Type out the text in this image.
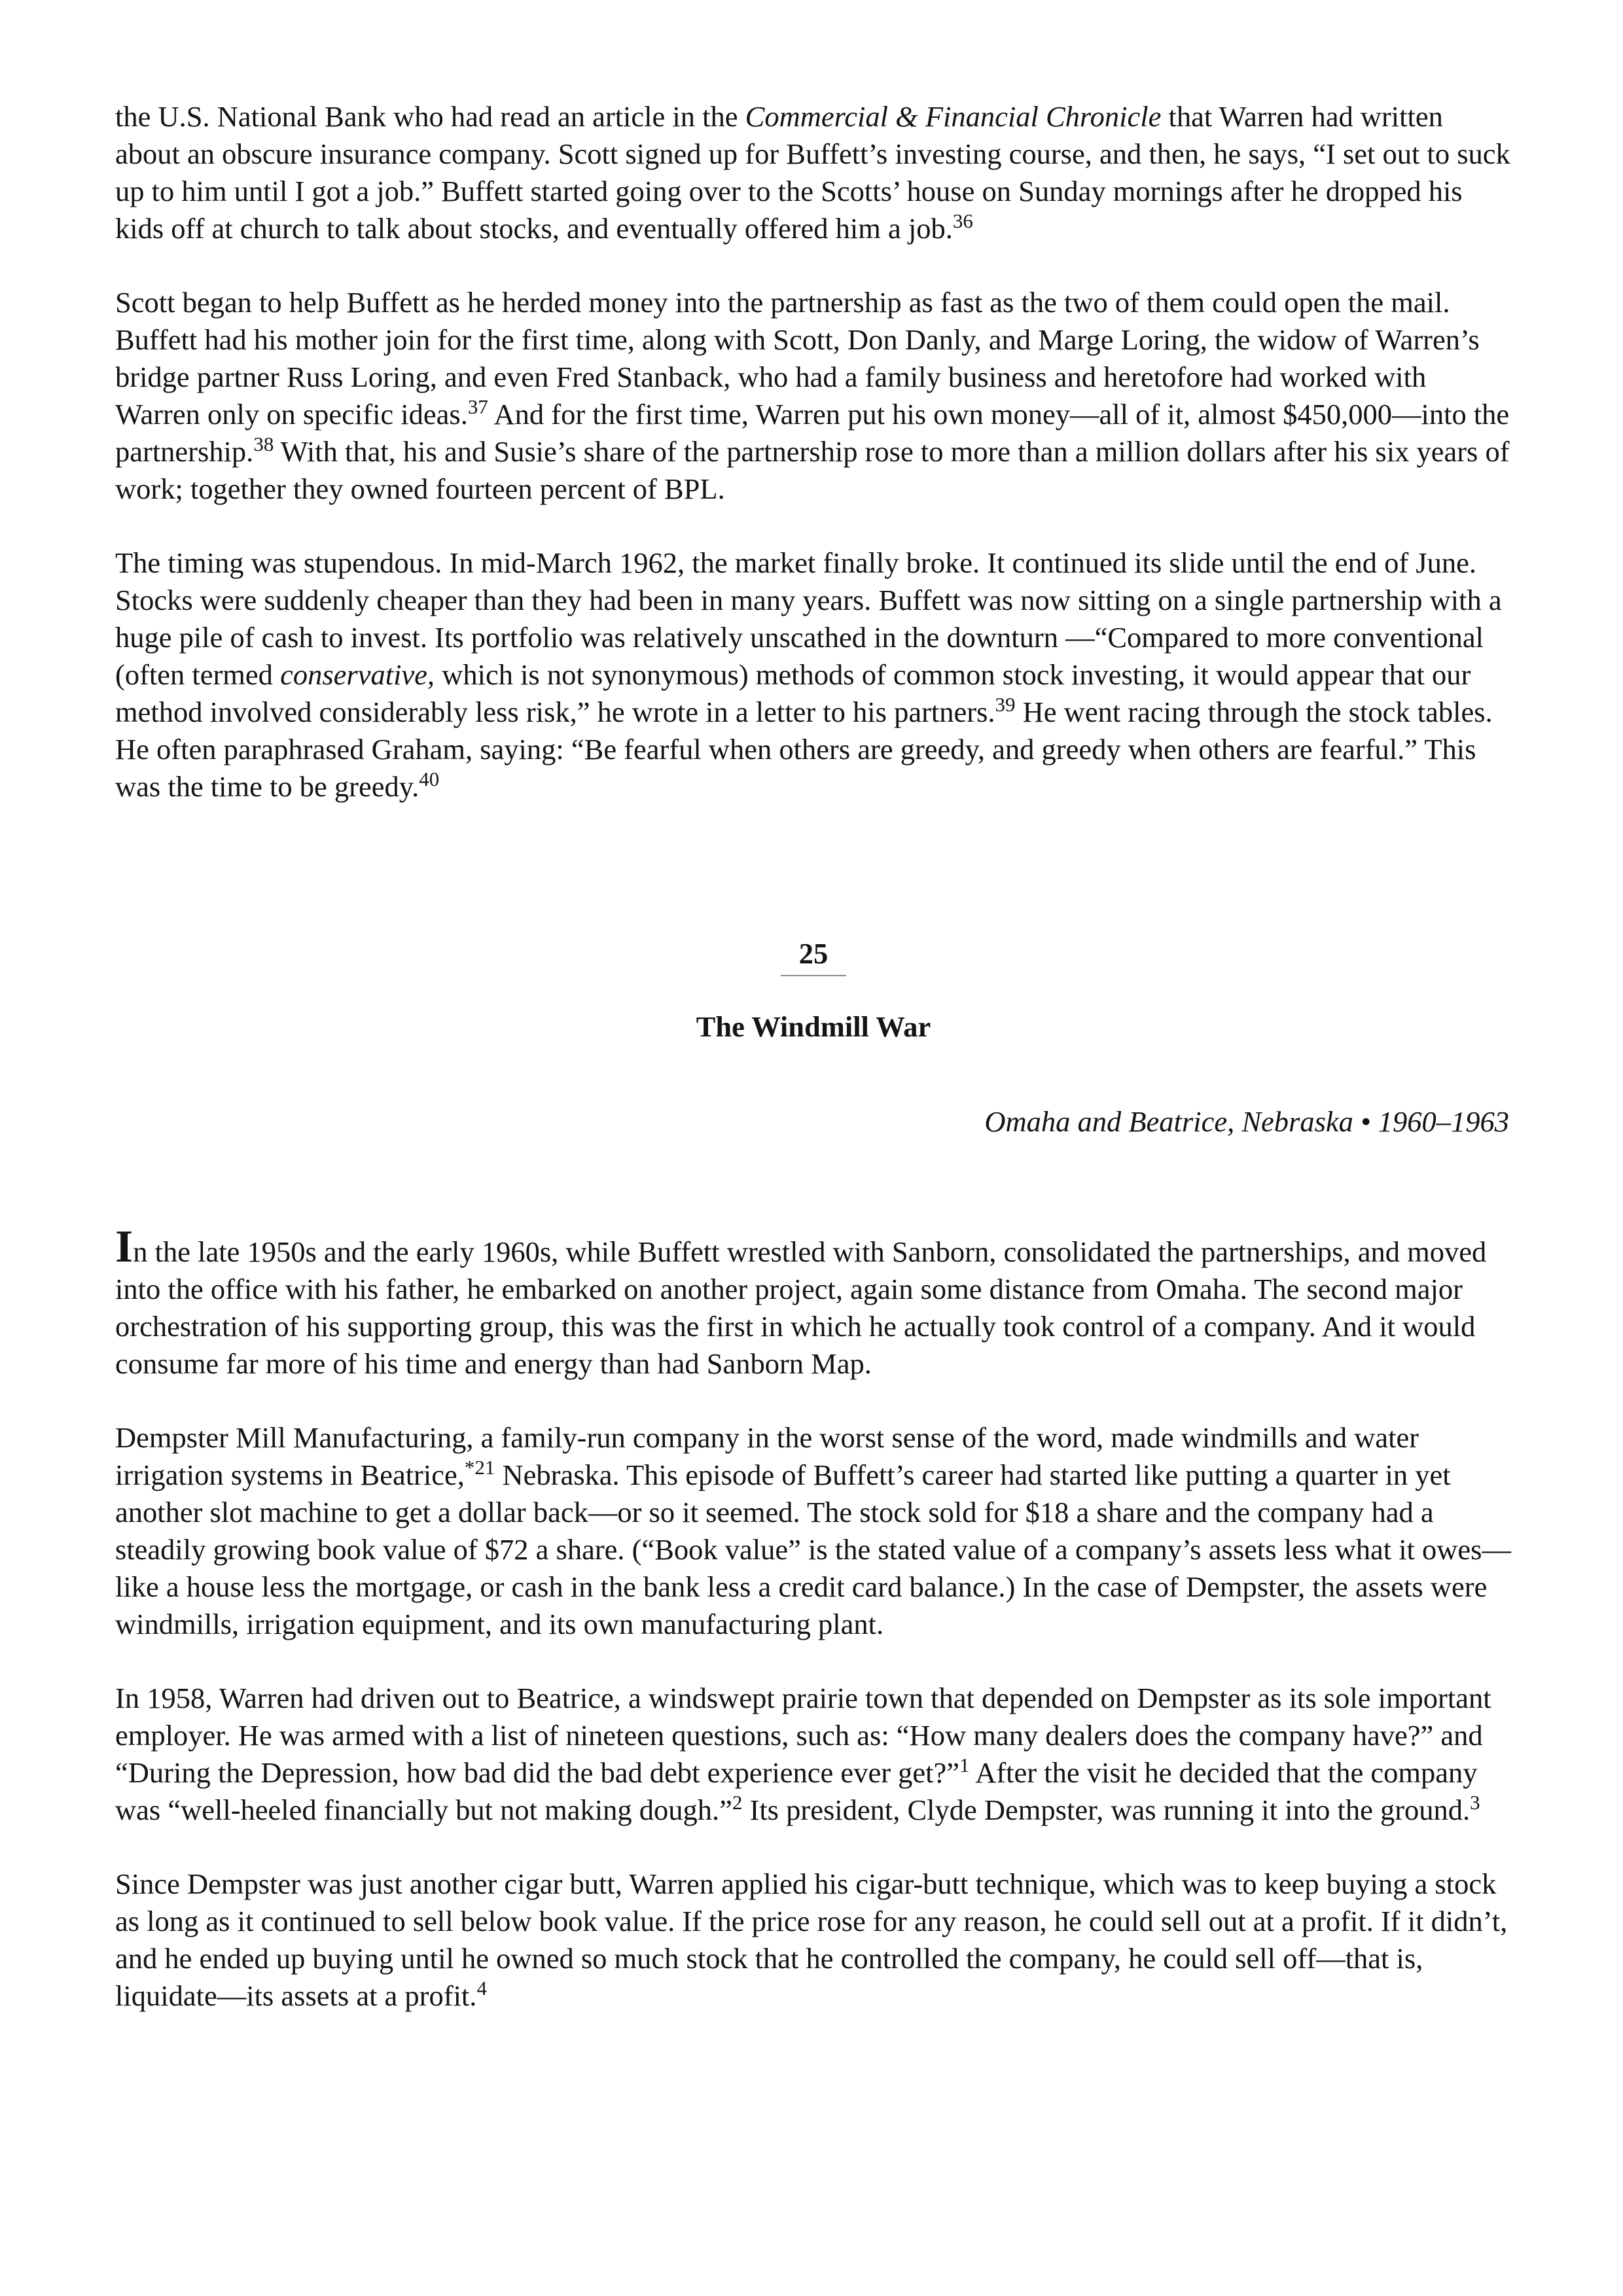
the U.S. National Bank who had read an article in the Commercial & Financial Chronicle that Warren had written about an obscure insurance company. Scott signed up for Buffett’s investing course, and then, he says, “I set out to suck up to him until I got a job.” Buffett started going over to the Scotts’ house on Sunday mornings after he dropped his kids off at church to talk about stocks, and eventually offered him a job.$^{36}$

Scott began to help Buffett as he herded money into the partnership as fast as the two of them could open the mail. Buffett had his mother join for the first time, along with Scott, Don Danly, and Marge Loring, the widow of Warren’s bridge partner Russ Loring, and even Fred Stanback, who had a family business and heretofore had worked with Warren only on specific ideas.$^{37}$ And for the first time, Warren put his own money—all of it, almost $450,000—into the partnership.$^{38}$ With that, his and Susie’s share of the partnership rose to more than a million dollars after his six years of work; together they owned fourteen percent of BPL.

The timing was stupendous. In mid-March 1962, the market finally broke. It continued its slide until the end of June. Stocks were suddenly cheaper than they had been in many years. Buffett was now sitting on a single partnership with a huge pile of cash to invest. Its portfolio was relatively unscathed in the downturn —“Compared to more conventional (often termed conservative, which is not synonymous) methods of common stock investing, it would appear that our method involved considerably less risk,” he wrote in a letter to his partners.$^{39}$ He went racing through the stock tables. He often paraphrased Graham, saying: “Be fearful when others are greedy, and greedy when others are fearful.” This was the time to be greedy.$^{40}$

25
The Windmill War
Omaha and Beatrice, Nebraska • 1960–1963

In the late 1950s and the early 1960s, while Buffett wrestled with Sanborn, consolidated the partnerships, and moved into the office with his father, he embarked on another project, again some distance from Omaha. The second major orchestration of his supporting group, this was the first in which he actually took control of a company. And it would consume far more of his time and energy than had Sanborn Map.

Dempster Mill Manufacturing, a family-run company in the worst sense of the word, made windmills and water irrigation systems in Beatrice,$^{*21}$ Nebraska. This episode of Buffett’s career had started like putting a quarter in yet another slot machine to get a dollar back—or so it seemed. The stock sold for $18 a share and the company had a steadily growing book value of $72 a share. (“Book value” is the stated value of a company’s assets less what it owes—like a house less the mortgage, or cash in the bank less a credit card balance.) In the case of Dempster, the assets were windmills, irrigation equipment, and its own manufacturing plant.

In 1958, Warren had driven out to Beatrice, a windswept prairie town that depended on Dempster as its sole important employer. He was armed with a list of nineteen questions, such as: “How many dealers does the company have?” and “During the Depression, how bad did the bad debt experience ever get?”$^1$ After the visit he decided that the company was “well-heeled financially but not making dough.”$^2$ Its president, Clyde Dempster, was running it into the ground.$^3$

Since Dempster was just another cigar butt, Warren applied his cigar-butt technique, which was to keep buying a stock as long as it continued to sell below book value. If the price rose for any reason, he could sell out at a profit. If it didn’t, and he ended up buying until he owned so much stock that he controlled the company, he could sell off—that is, liquidate—its assets at a profit.$^4$
